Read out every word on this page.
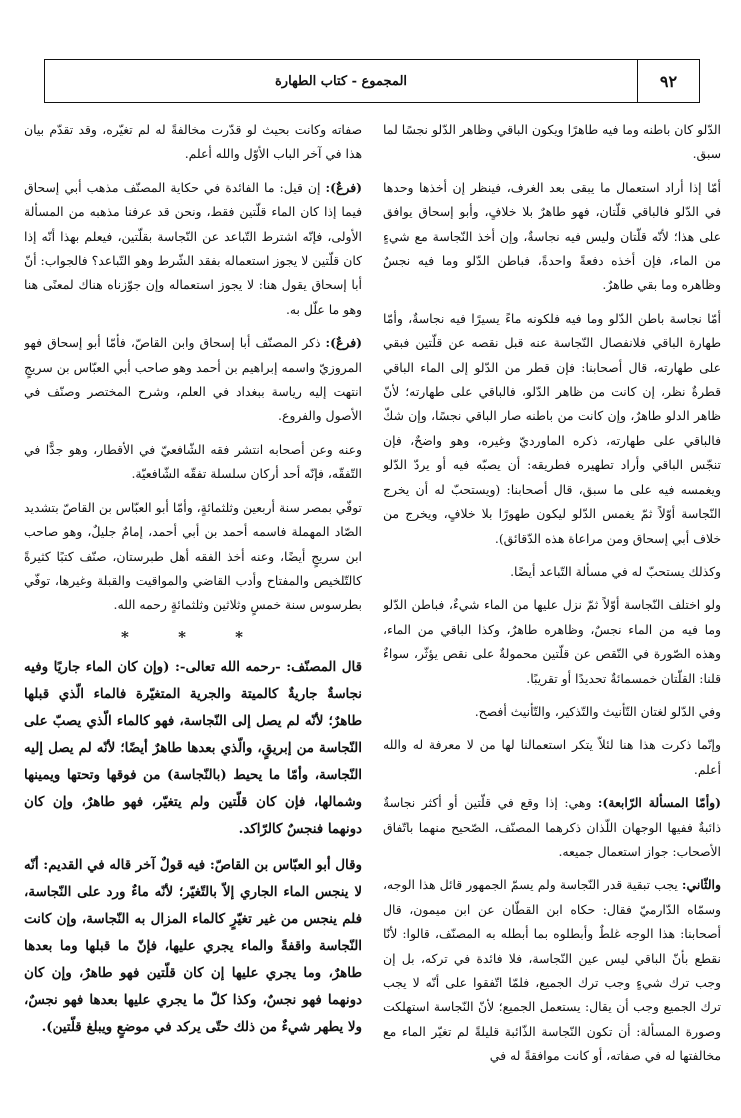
٩٢
المجموع - كتاب الطهارة

الدّلو كان باطنه وما فيه طاهرًا ويكون الباقي وظاهر الدّلو نجسًا لما سبق.

أمّا إذا أراد استعمال ما يبقى بعد الغرف، فينظر إن أخذها وحدها في الدّلو فالباقي قلّتان، فهو طاهرٌ بلا خلافٍ، وأبو إسحاق يوافق على هذا؛ لأنّه قلّتان وليس فيه نجاسةٌ، وإن أخذ النّجاسة مع شيءٍ من الماء، فإن أخذه دفعةً واحدةً، فباطن الدّلو وما فيه نجسٌ وظاهره وما بقي طاهرٌ.

أمّا نجاسة باطن الدّلو وما فيه فلكونه ماءً يسيرًا فيه نجاسةٌ، وأمّا طهارة الباقي فلانفصال النّجاسة عنه قبل نقصه عن قلّتين فبقي على طهارته، قال أصحابنا: فإن قطر من الدّلو إلى الماء الباقي قطرةٌ نظر، إن كانت من ظاهر الدّلو، فالباقي على طهارته؛ لأنّ ظاهر الدلو طاهرٌ، وإن كانت من باطنه صار الباقي نجسًا، وإن شكّ فالباقي على طهارته، ذكره الماورديّ وغيره، وهو واضحٌ، فإن تنجّس الباقي وأراد تطهيره فطريقه: أن يصبّه فيه أو يردّ الدّلو ويغمسه فيه على ما سبق، قال أصحابنا: (ويستحبّ له أن يخرج النّجاسة أوّلاً ثمّ يغمس الدّلو ليكون طهورًا بلا خلافٍ، ويخرج من خلاف أبي إسحاق ومن مراعاة هذه الدّقائق).

وكذلك يستحبّ له في مسألة التّباعد أيضًا.

ولو اختلف النّجاسة أوّلاً ثمّ نزل عليها من الماء شيءٌ، فباطن الدّلو وما فيه من الماء نجسٌ، وظاهره طاهرٌ، وكذا الباقي من الماء، وهذه الصّورة في النّقص عن قلّتين محمولةٌ على نقص يؤثّر، سواءٌ قلنا: القلّتان خمسمائةٌ تحديدًا أو تقريبًا.

وفي الدّلو لغتان التّأنيث والتّذكير، والتّأنيث أفصح.

وإنّما ذكرت هذا هنا لئلاّ يتكر استعمالنا لها من لا معرفة له والله أعلم.

(وأمّا المسألة الرّابعة): وهي: إذا وقع في قلّتين أو أكثر نجاسةٌ ذائبةٌ ففيها الوجهان اللّذان ذكرهما المصنّف، الصّحيح منهما باتّفاق الأصحاب: جواز استعمال جميعه.

والثّاني: يجب تبقية قدر النّجاسة ولم يسمّ الجمهور قائل هذا الوجه، وسمّاه الدّارميّ فقال: حكاه ابن القطّان عن ابن ميمون، قال أصحابنا: هذا الوجه غلطٌ وأبطلوه بما أبطله به المصنّف، قالوا: لأنّا نقطع بأنّ الباقي ليس عين النّجاسة، فلا فائدة في تركه، بل إن وجب ترك شيءٍ وجب ترك الجميع، فلمّا اتّفقوا على أنّه لا يجب ترك الجميع وجب أن يقال: يستعمل الجميع؛ لأنّ النّجاسة استهلكت وصورة المسألة: أن تكون النّجاسة الذّائبة قليلةً لم تغيّر الماء مع مخالفتها له في صفاته، أو كانت موافقةً له في

صفاته وكانت بحيث لو قدّرت مخالفةً له لم تغيّره، وقد تقدّم بيان هذا في آخر الباب الأوّل والله أعلم.

(فرعٌ): إن قيل: ما الفائدة في حكاية المصنّف مذهب أبي إسحاق فيما إذا كان الماء قلّتين فقط، ونحن قد عرفنا مذهبه من المسألة الأولى، فإنّه اشترط التّباعد عن النّجاسة بقلّتين، فيعلم بهذا أنّه إذا كان قلّتين لا يجوز استعماله بفقد الشّرط وهو التّباعد؟ فالجواب: أنّ أبا إسحاق يقول هنا: لا يجوز استعماله وإن جوّزناه هناك لمعنًى هنا وهو ما علّل به.

(فرعٌ): ذكر المصنّف أبا إسحاق وابن القاصّ، فأمّا أبو إسحاق فهو المروزيّ واسمه إبراهيم بن أحمد وهو صاحب أبي العبّاس بن سريجٍ انتهت إليه رياسة ببغداد في العلم، وشرح المختصر وصنّف في الأصول والفروع.

وعنه وعن أصحابه انتشر فقه الشّافعيّ في الأقطار، وهو جدًّا في التّفقّه، فإنّه أحد أركان سلسلة تفقّه الشّافعيّة.

توفّي بمصر سنة أربعين وثلثمائةٍ، وأمّا أبو العبّاس بن القاصّ بتشديد الصّاد المهملة فاسمه أحمد بن أبي أحمد، إمامٌ جليلٌ، وهو صاحب ابن سريجٍ أيضًا، وعنه أخذ الفقه أهل طبرستان، صنّف كتبًا كثيرةً كالتّلخيص والمفتاح وأدب القاضي والمواقيت والقبلة وغيرها، توفّي بطرسوس سنة خمسٍ وثلاثين وثلثمائةٍ رحمه الله.

* * *

قال المصنّف: -رحمه الله تعالى-: (وإن كان الماء جاريًا وفيه نجاسةٌ جاريةٌ كالميتة والجرية المتغيّرة فالماء الّذي قبلها طاهرٌ؛ لأنّه لم يصل إلى النّجاسة، فهو كالماء الّذي يصبّ على النّجاسة من إبريقٍ، والّذي بعدها طاهرٌ أيضًا؛ لأنّه لم يصل إليه النّجاسة، وأمّا ما يحيط (بالنّجاسة) من فوقها وتحتها ويمينها وشمالها، فإن كان قلّتين ولم يتغيّر، فهو طاهرٌ، وإن كان دونهما فنجسٌ كالرّاكد.

وقال أبو العبّاس بن القاصّ: فيه قولٌ آخر قاله في القديم: أنّه لا ينجس الماء الجاري إلاّ بالتّغيّر؛ لأنّه ماءٌ ورد على النّجاسة، فلم ينجس من غير تغيّرٍ كالماء المزال به النّجاسة، وإن كانت النّجاسة واقفةً والماء يجري عليها، فإنّ ما قبلها وما بعدها طاهرٌ، وما يجري عليها إن كان قلّتين فهو طاهرٌ، وإن كان دونهما فهو نجسٌ، وكذا كلّ ما يجري عليها بعدها فهو نجسٌ، ولا يطهر شيءٌ من ذلك حتّى يركد في موضعٍ ويبلغ قلّتين).
